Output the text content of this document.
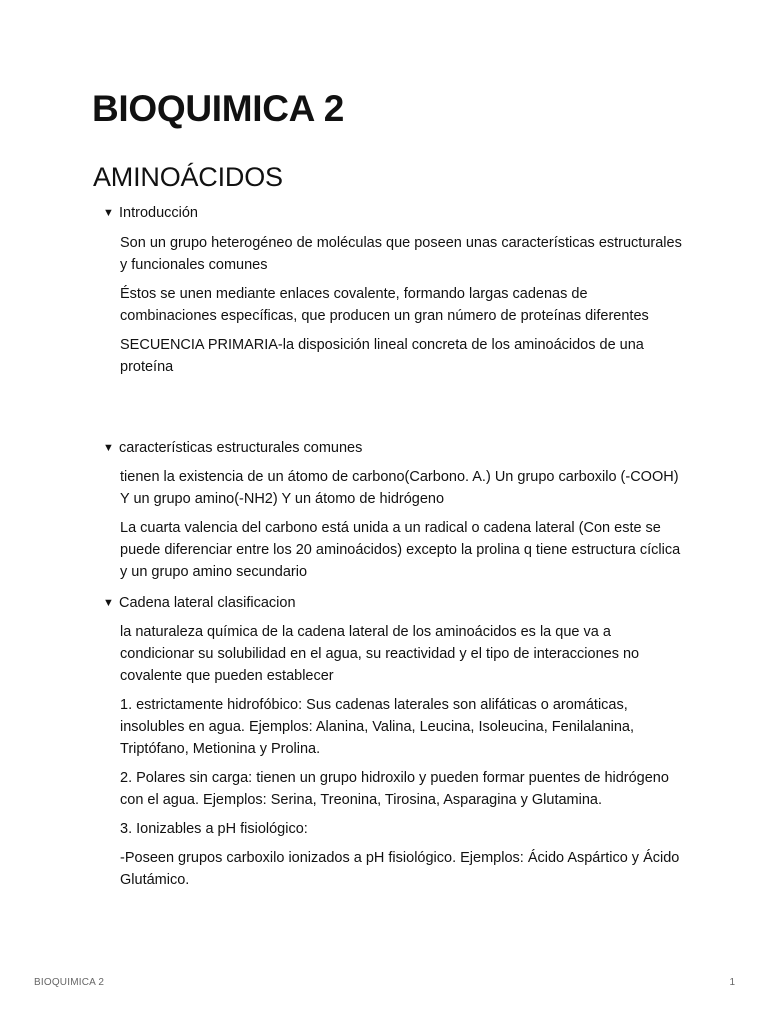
BIOQUIMICA 2
AMINOÁCIDOS
▼ Introducción

Son un grupo heterogéneo de moléculas que poseen unas características estructurales y funcionales comunes

Éstos se unen mediante enlaces covalente, formando largas cadenas de combinaciones específicas, que producen un gran número de proteínas diferentes

SECUENCIA PRIMARIA-la disposición lineal concreta de los aminoácidos de una proteína

▼ características estructurales comunes

tienen la existencia de un átomo de carbono(Carbono. A.) Un grupo carboxilo (-COOH) Y un grupo amino(-NH2) Y un átomo de hidrógeno

La cuarta valencia del carbono está unida a un radical o cadena lateral (Con este se puede diferenciar entre los 20 aminoácidos) excepto la prolina q tiene estructura cíclica y un grupo amino secundario

▼ Cadena lateral clasificacion

la naturaleza química de la cadena lateral de los aminoácidos es la que va a condicionar su solubilidad en el agua, su reactividad y el tipo de interacciones no covalente que pueden establecer

1. estrictamente hidrofóbico: Sus cadenas laterales son alifáticas o aromáticas, insolubles en agua. Ejemplos: Alanina, Valina, Leucina, Isoleucina, Fenilalanina, Triptófano, Metionina y Prolina.

2. Polares sin carga: tienen un grupo hidroxilo y pueden formar puentes de hidrógeno con el agua. Ejemplos: Serina, Treonina, Tirosina, Asparagina y Glutamina.

3. Ionizables a pH fisiológico:

-Poseen grupos carboxilo ionizados a pH fisiológico. Ejemplos: Ácido Aspártico y Ácido Glutámico.

BIOQUIMICA 2	1
